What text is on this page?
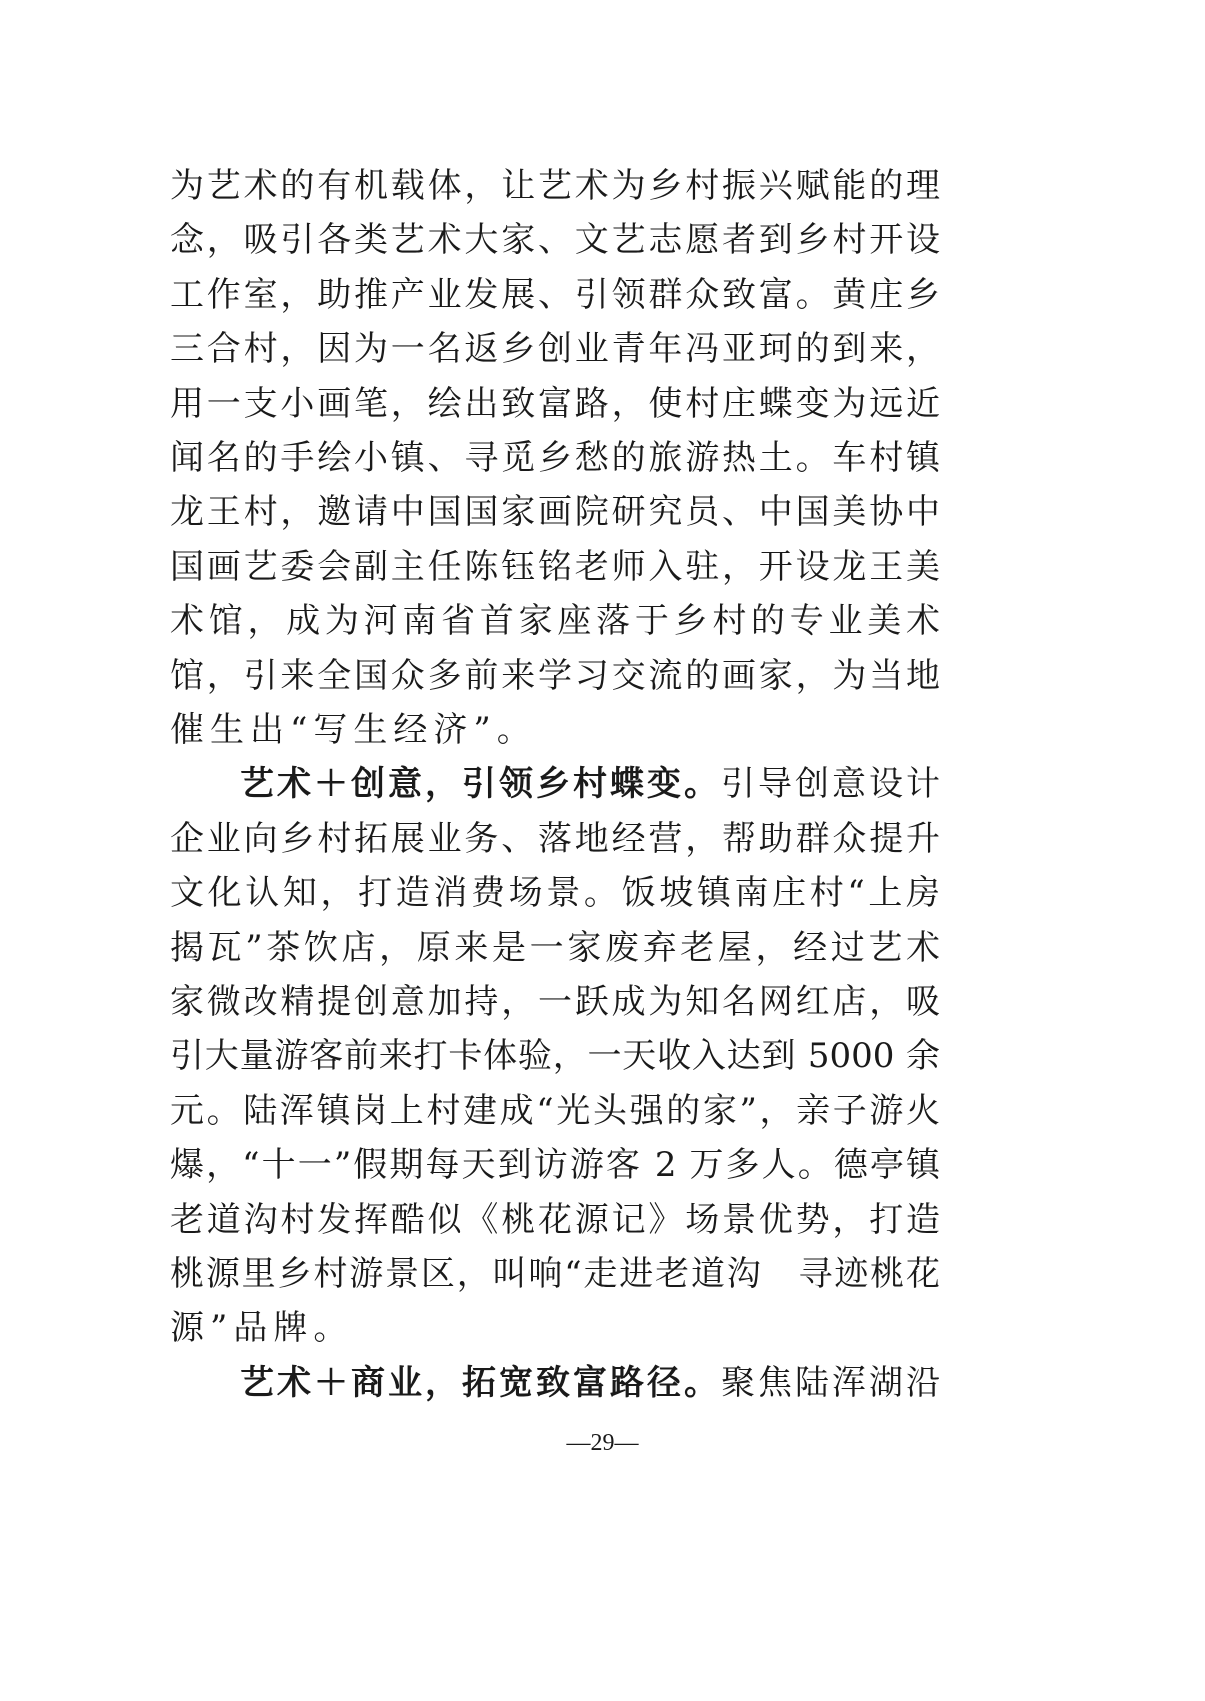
为艺术的有机载体，让艺术为乡村振兴赋能的理
念，吸引各类艺术大家、文艺志愿者到乡村开设
工作室，助推产业发展、引领群众致富。黄庄乡
三合村，因为一名返乡创业青年冯亚珂的到来，
用一支小画笔，绘出致富路，使村庄蝶变为远近
闻名的手绘小镇、寻觅乡愁的旅游热土。车村镇
龙王村，邀请中国国家画院研究员、中国美协中
国画艺委会副主任陈钰铭老师入驻，开设龙王美
术馆，成为河南省首家座落于乡村的专业美术
馆，引来全国众多前来学习交流的画家，为当地
催生出“写生经济”。
艺术＋创意，引领乡村蝶变。引导创意设计
企业向乡村拓展业务、落地经营，帮助群众提升
文化认知，打造消费场景。饭坡镇南庄村“上房
揭瓦”茶饮店，原来是一家废弃老屋，经过艺术
家微改精提创意加持，一跃成为知名网红店，吸
引大量游客前来打卡体验，一天收入达到 5000 余
元。陆浑镇岗上村建成“光头强的家”，亲子游火
爆，“十一”假期每天到访游客 2 万多人。德亭镇
老道沟村发挥酷似《桃花源记》场景优势，打造
桃源里乡村游景区，叫响“走进老道沟　寻迹桃花
源”品牌。
艺术＋商业，拓宽致富路径。聚焦陆浑湖沿
—29—
